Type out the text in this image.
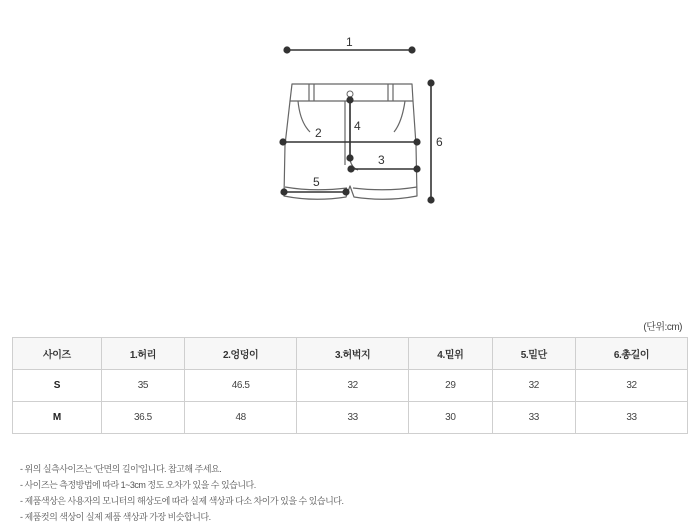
1
2
3
4
5
6
(단위:cm)
사이즈	1.허리	2.엉덩이	3.허벅지	4.밑위	5.밑단	6.총길이
S	35	46.5	32	29	32	32
M	36.5	48	33	30	33	33
- 위의 실측사이즈는 '단면의 길이'입니다. 참고해 주세요.
- 사이즈는 측정방법에 따라 1~3cm 정도 오차가 있을 수 있습니다.
- 제품색상은 사용자의 모니터의 해상도에 따라 실제 색상과 다소 차이가 있을 수 있습니다.
- 제품컷의 색상이 실제 제품 색상과 가장 비슷합니다.
